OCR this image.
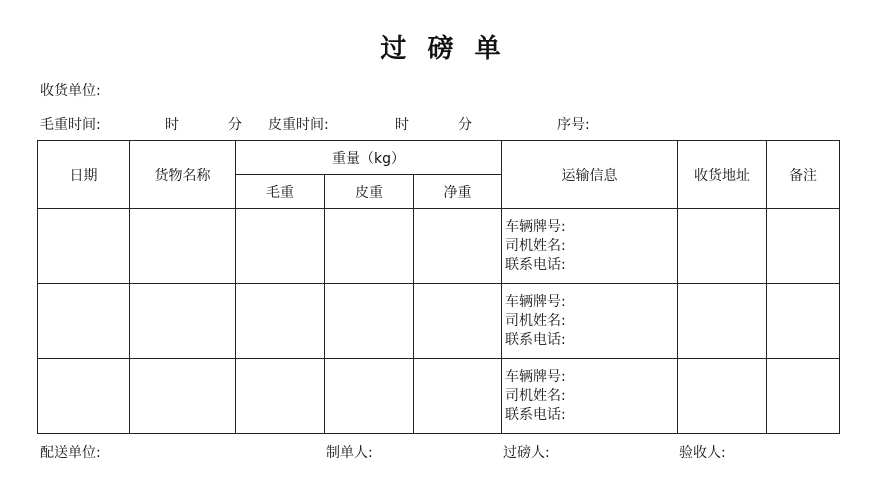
过  磅  单
收货单位:
毛重时间:	时	分 皮重时间:	时	分	序号:
日期	货物名称	重量（kg）			运输信息	收货地址	备注
		毛重	皮重	净重			

					车辆牌号:
司机姓名:
联系电话:		

					车辆牌号:
司机姓名:
联系电话:		

					车辆牌号:
司机姓名:
联系电话:		

配送单位:	制单人:	过磅人:	验收人:
